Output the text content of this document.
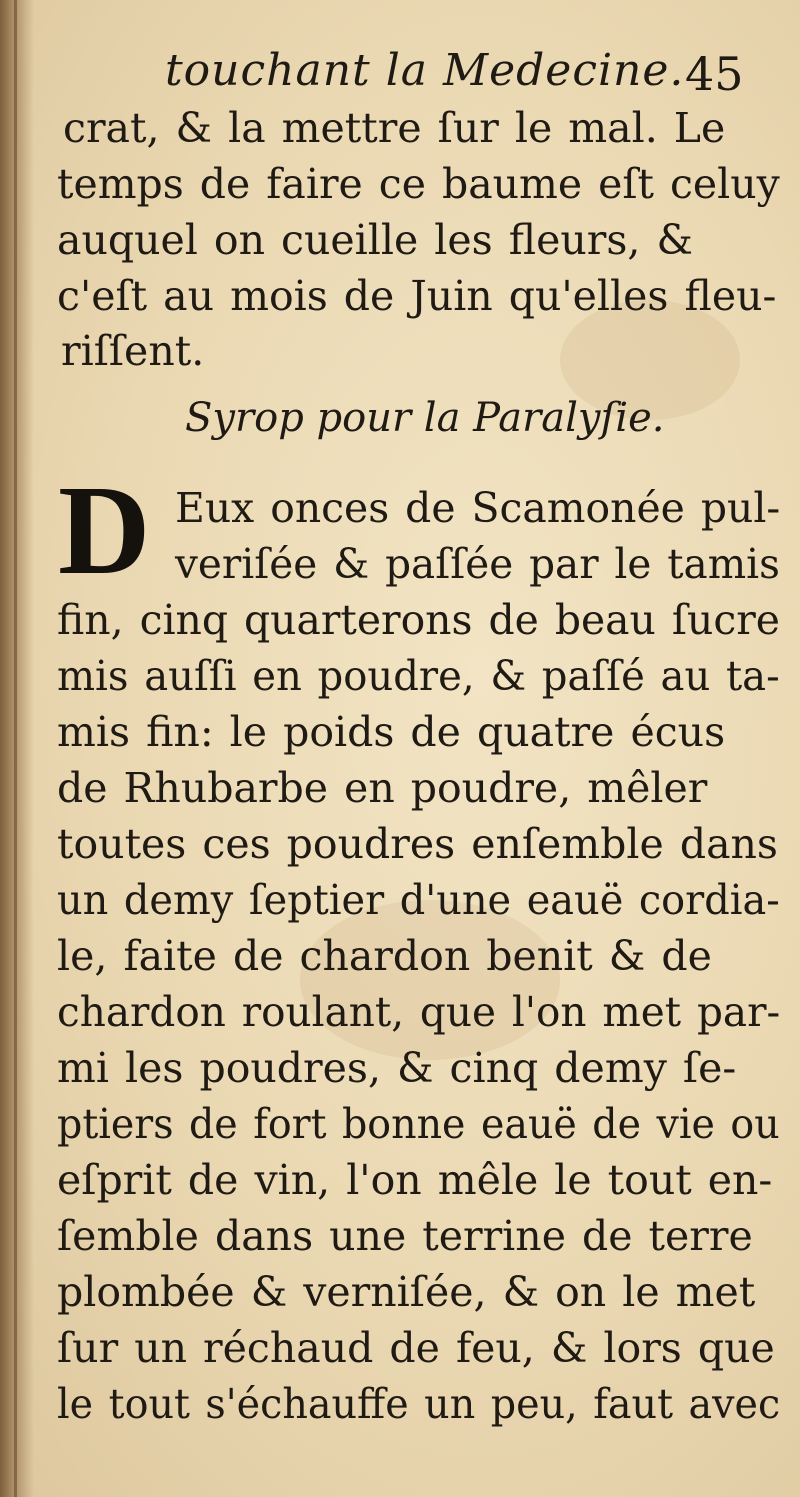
touchant la Medecine. 45
crat, & la mettre ſur le mal. Le
temps de faire ce baume eſt celuy
auquel on cueille les fleurs, &
c'eſt au mois de Juin qu'elles fleu-
riſſent.
Syrop pour la Paralyſie.
D Eux onces de Scamonée pul-
veriſée & paſſée par le tamis
fin, cinq quarterons de beau ſucre
mis auſſi en poudre, & paſſé au ta-
mis fin: le poids de quatre écus
de Rhubarbe en poudre, mêler
toutes ces poudres enſemble dans
un demy ſeptier d'une eauë cordia-
le, faite de chardon benit & de
chardon roulant, que l'on met par-
mi les poudres, & cinq demy ſe-
ptiers de fort bonne eauë de vie ou
eſprit de vin, l'on mêle le tout en-
ſemble dans une terrine de terre
plombée & verniſée, & on le met
ſur un réchaud de feu, & lors que
le tout s'échauffe un peu, faut avec
